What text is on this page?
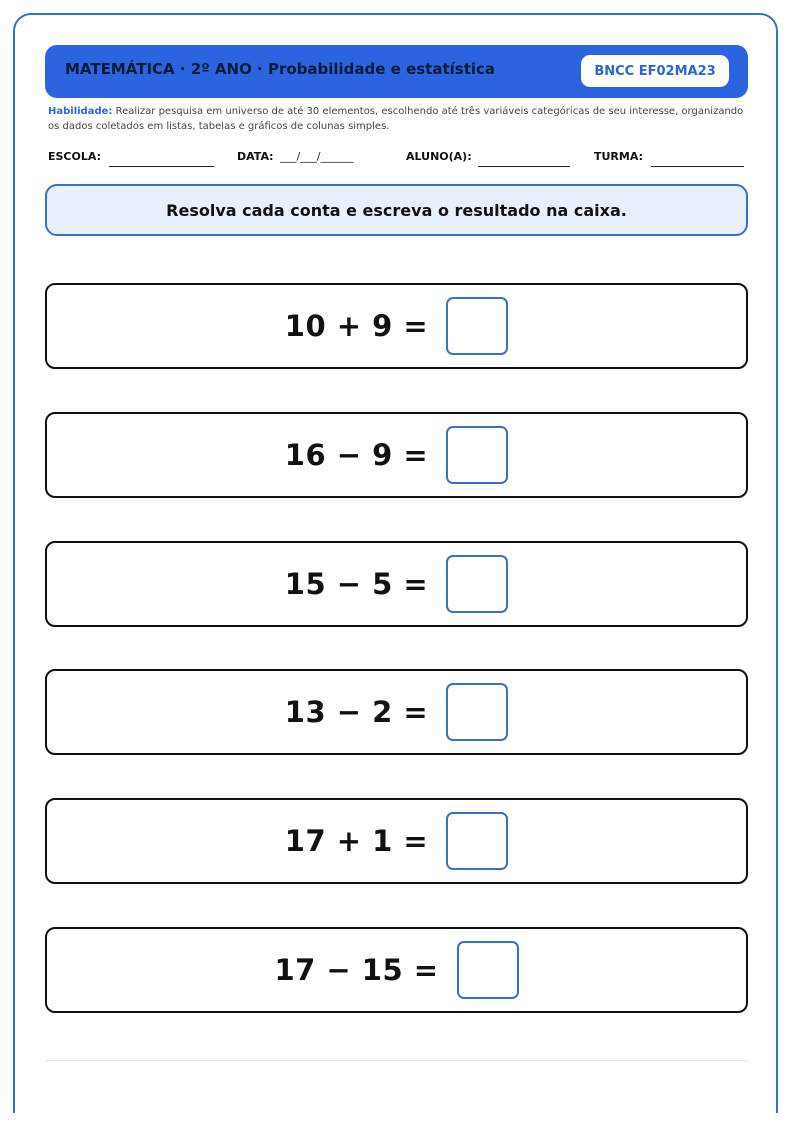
MATEMÁTICA · 2º ANO · Probabilidade e estatística	BNCC EF02MA23
Habilidade: Realizar pesquisa em universo de até 30 elementos, escolhendo até três variáveis categóricas de seu interesse, organizando os dados coletados em listas, tabelas e gráficos de colunas simples.
ESCOLA:	DATA: ___/___/______	ALUNO(A):	TURMA:
Resolva cada conta e escreva o resultado na caixa.
10 + 9 =
16 − 9 =
15 − 5 =
13 − 2 =
17 + 1 =
17 − 15 =
